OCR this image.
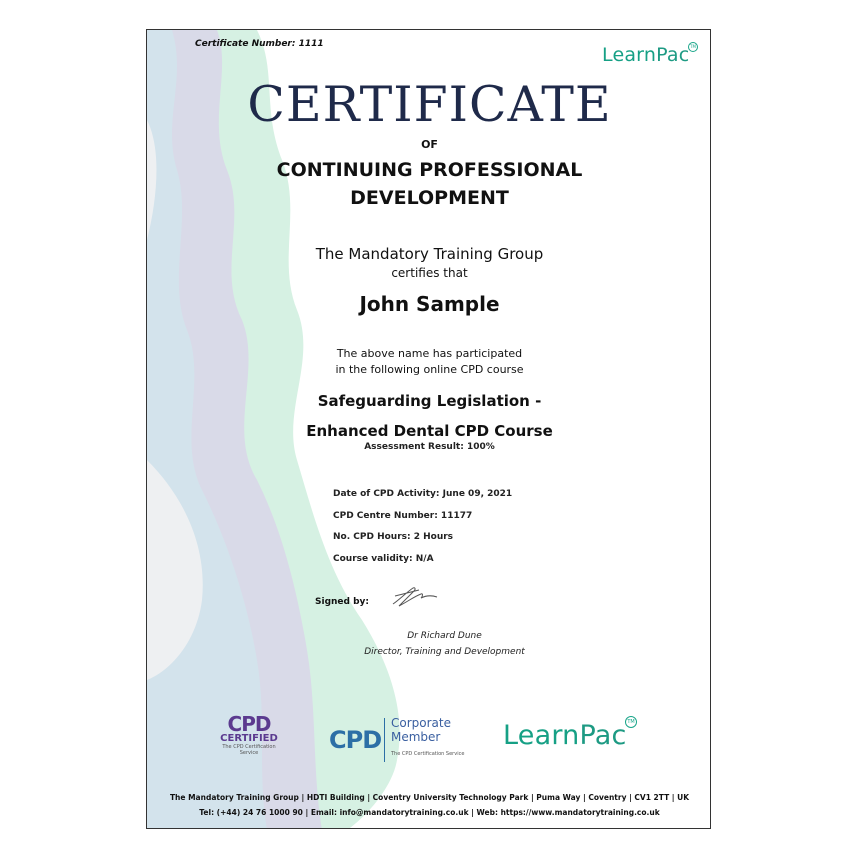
Certificate Number: 1111	LearnPac TM
CERTIFICATE
OF
CONTINUING PROFESSIONAL
DEVELOPMENT
The Mandatory Training Group
certifies that
John Sample
The above name has participated
in the following online CPD course
Safeguarding Legislation -
Enhanced Dental CPD Course
Assessment Result: 100%
Date of CPD Activity: June 09, 2021
CPD Centre Number: 11177
No. CPD Hours: 2 Hours
Course validity: N/A
Signed by:
Dr Richard Dune
Director, Training and Development
CPD
CERTIFIED
The CPD Certification
Service	CPD
Corporate
Member
The CPD Certification Service
LearnPac TM
The Mandatory Training Group | HDTI Building | Coventry University Technology Park | Puma Way | Coventry | CV1 2TT | UK
Tel: (+44) 24 76 1000 90 | Email: info@mandatorytraining.co.uk | Web: https://www.mandatorytraining.co.uk
